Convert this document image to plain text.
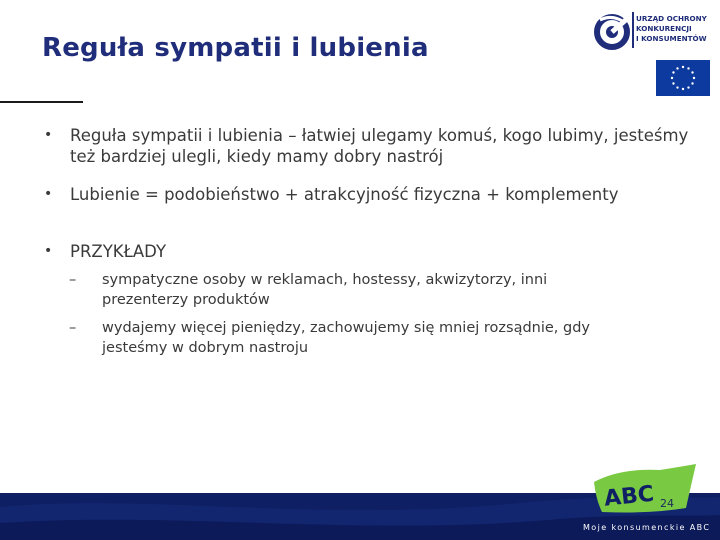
Reguła sympatii i lubienia
URZĄD OCHRONY
KONKURENCJI
I KONSUMENTÓW
• Reguła sympatii i lubienia – łatwiej ulegamy komuś, kogo lubimy, jesteśmy też bardziej ulegli, kiedy mamy dobry nastrój
• Lubienie = podobieństwo + atrakcyjność fizyczna + komplementy
• PRZYKŁADY
– sympatyczne osoby w reklamach, hostessy, akwizytorzy, inni prezenterzy produktów
– wydajemy więcej pieniędzy, zachowujemy się mniej rozsądnie, gdy jesteśmy w dobrym nastroju
ABC 24
Moje konsumenckie ABC
